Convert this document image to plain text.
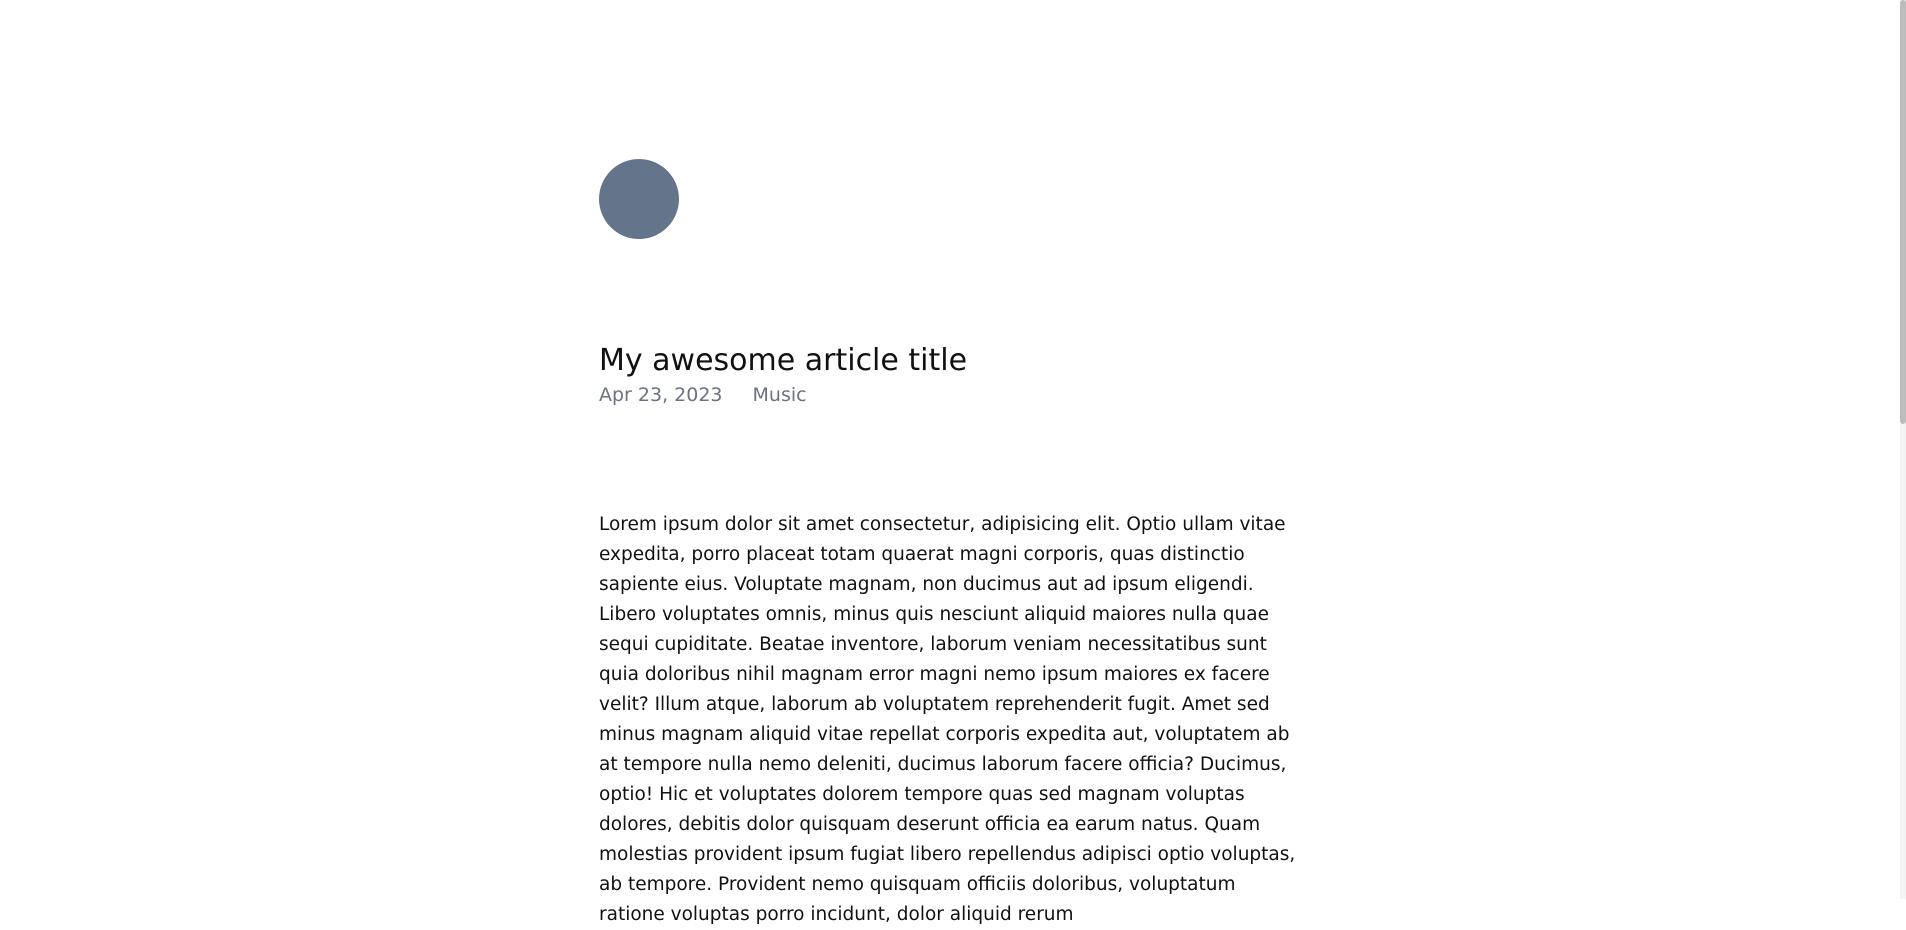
My awesome article title
Apr 23, 2023 Music

Lorem ipsum dolor sit amet consectetur, adipisicing elit. Optio ullam vitae expedita, porro placeat totam quaerat magni corporis, quas distinctio sapiente eius. Voluptate magnam, non ducimus aut ad ipsum eligendi. Libero voluptates omnis, minus quis nesciunt aliquid maiores nulla quae sequi cupiditate. Beatae inventore, laborum veniam necessitatibus sunt quia doloribus nihil magnam error magni nemo ipsum maiores ex facere velit? Illum atque, laborum ab voluptatem reprehenderit fugit. Amet sed minus magnam aliquid vitae repellat corporis expedita aut, voluptatem ab at tempore nulla nemo deleniti, ducimus laborum facere officia? Ducimus, optio! Hic et voluptates dolorem tempore quas sed magnam voluptas dolores, debitis dolor quisquam deserunt officia ea earum natus. Quam molestias provident ipsum fugiat libero repellendus adipisci optio voluptas, ab tempore. Provident nemo quisquam officiis doloribus, voluptatum ratione voluptas porro incidunt, dolor aliquid rerum
